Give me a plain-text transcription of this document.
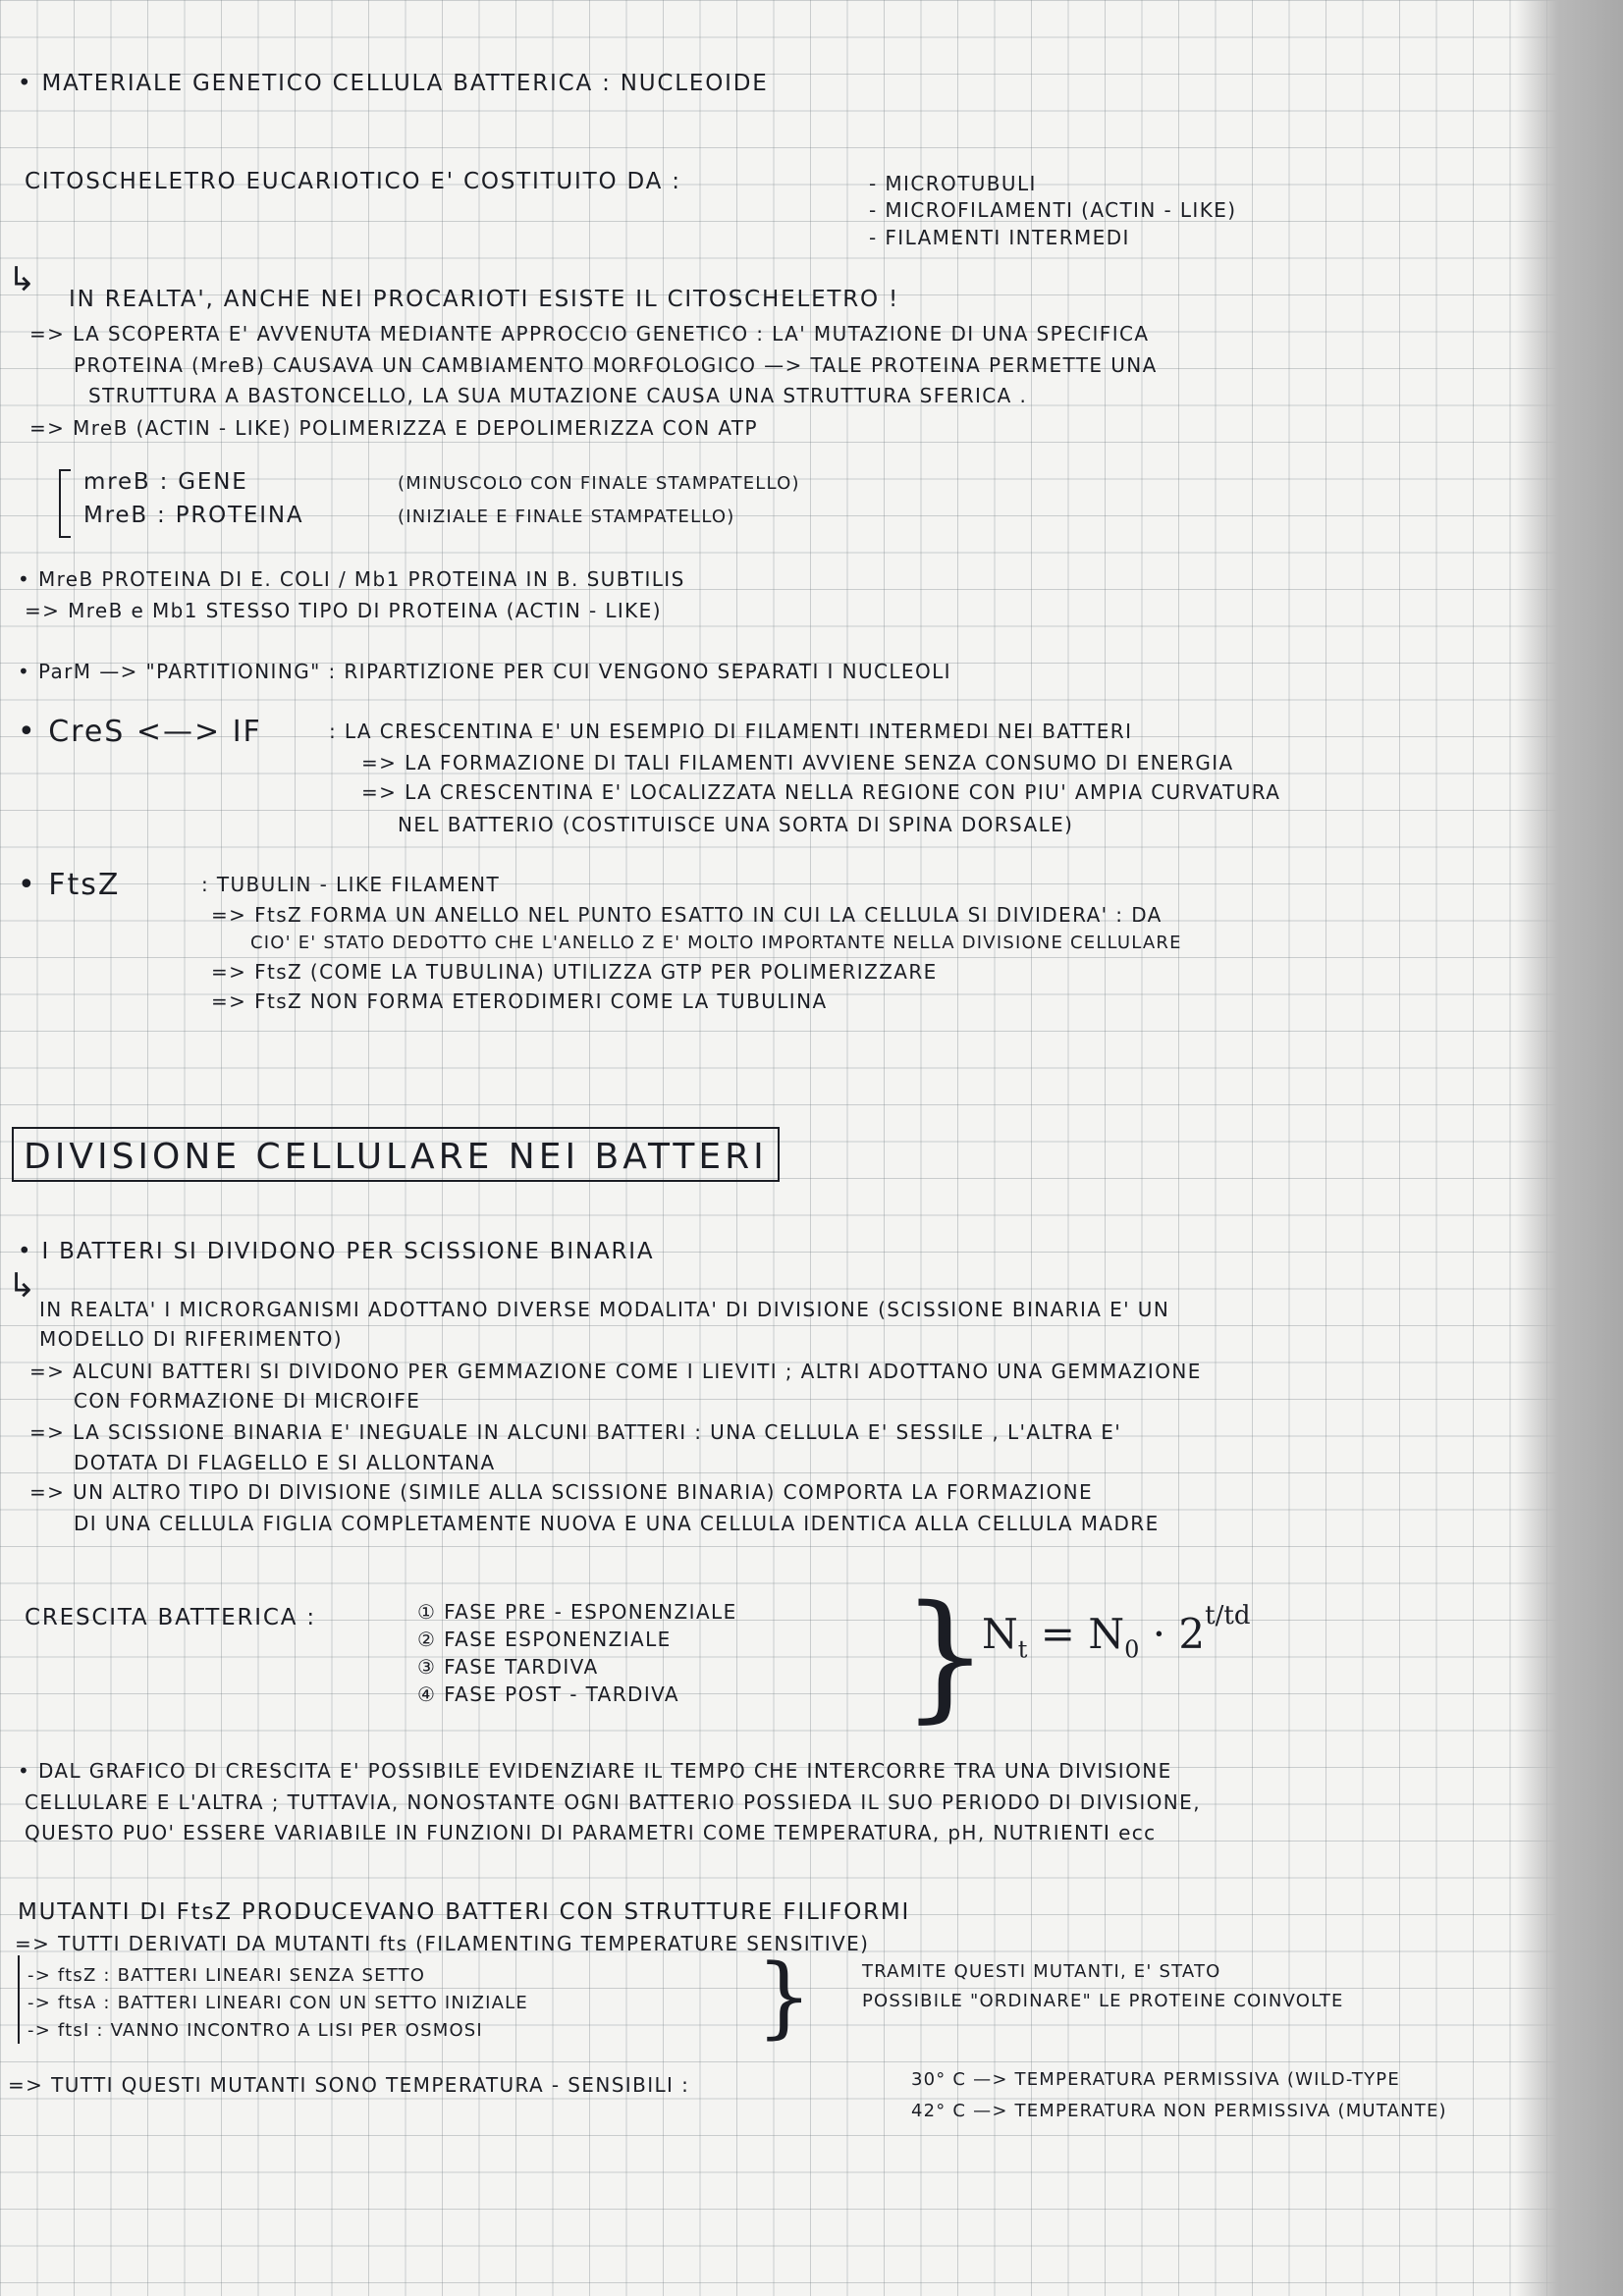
• MATERIALE GENETICO CELLULA BATTERICA : NUCLEOIDE
CITOSCHELETRO EUCARIOTICO E' COSTITUITO DA :	- MICROTUBULI
- MICROFILAMENTI (ACTIN - LIKE)
- FILAMENTI INTERMEDI
↳ IN REALTA', ANCHE NEI PROCARIOTI ESISTE IL CITOSCHELETRO !
=> LA SCOPERTA E' AVVENUTA MEDIANTE APPROCCIO GENETICO : LA' MUTAZIONE DI UNA SPECIFICA
PROTEINA (MreB) CAUSAVA UN CAMBIAMENTO MORFOLOGICO —> TALE PROTEINA PERMETTE UNA
STRUTTURA A BASTONCELLO, LA SUA MUTAZIONE CAUSA UNA STRUTTURA SFERICA .
=> MreB (ACTIN - LIKE) POLIMERIZZA E DEPOLIMERIZZA CON ATP
mreB : GENE	(MINUSCOLO CON FINALE STAMPATELLO)
MreB : PROTEINA	(INIZIALE E FINALE STAMPATELLO)
• MreB PROTEINA DI E. COLI / Mb1 PROTEINA IN B. SUBTILIS
=> MreB e Mb1 STESSO TIPO DI PROTEINA (ACTIN - LIKE)
• ParM —> "PARTITIONING" : RIPARTIZIONE PER CUI VENGONO SEPARATI I NUCLEOLI
• CreS <—> IF	: LA CRESCENTINA E' UN ESEMPIO DI FILAMENTI INTERMEDI NEI BATTERI
=> LA FORMAZIONE DI TALI FILAMENTI AVVIENE SENZA CONSUMO DI ENERGIA
=> LA CRESCENTINA E' LOCALIZZATA NELLA REGIONE CON PIU' AMPIA CURVATURA
NEL BATTERIO (COSTITUISCE UNA SORTA DI SPINA DORSALE)
• FtsZ	: TUBULIN - LIKE FILAMENT
=> FtsZ FORMA UN ANELLO NEL PUNTO ESATTO IN CUI LA CELLULA SI DIVIDERA' : DA
CIO' E' STATO DEDOTTO CHE L'ANELLO Z E' MOLTO IMPORTANTE NELLA DIVISIONE CELLULARE
=> FtsZ (COME LA TUBULINA) UTILIZZA GTP PER POLIMERIZZARE
=> FtsZ NON FORMA ETERODIMERI COME LA TUBULINA
DIVISIONE CELLULARE NEI BATTERI
• I BATTERI SI DIVIDONO PER SCISSIONE BINARIA
↳
IN REALTA' I MICRORGANISMI ADOTTANO DIVERSE MODALITA' DI DIVISIONE (SCISSIONE BINARIA E' UN
MODELLO DI RIFERIMENTO)
=> ALCUNI BATTERI SI DIVIDONO PER GEMMAZIONE COME I LIEVITI ; ALTRI ADOTTANO UNA GEMMAZIONE
CON FORMAZIONE DI MICROIFE
=> LA SCISSIONE BINARIA E' INEGUALE IN ALCUNI BATTERI : UNA CELLULA E' SESSILE , L'ALTRA E'
DOTATA DI FLAGELLO E SI ALLONTANA
=> UN ALTRO TIPO DI DIVISIONE (SIMILE ALLA SCISSIONE BINARIA) COMPORTA LA FORMAZIONE
DI UNA CELLULA FIGLIA COMPLETAMENTE NUOVA E UNA CELLULA IDENTICA ALLA CELLULA MADRE
CRESCITA BATTERICA :	① FASE PRE - ESPONENZIALE
② FASE ESPONENZIALE
③ FASE TARDIVA
④ FASE POST - TARDIVA }
$N_t = N_0 \cdot 2^{t/td}$
• DAL GRAFICO DI CRESCITA E' POSSIBILE EVIDENZIARE IL TEMPO CHE INTERCORRE TRA UNA DIVISIONE
CELLULARE E L'ALTRA ; TUTTAVIA, NONOSTANTE OGNI BATTERIO POSSIEDA IL SUO PERIODO DI DIVISIONE,
QUESTO PUO' ESSERE VARIABILE IN FUNZIONI DI PARAMETRI COME TEMPERATURA, pH, NUTRIENTI ecc
MUTANTI DI FtsZ PRODUCEVANO BATTERI CON STRUTTURE FILIFORMI
=> TUTTI DERIVATI DA MUTANTI fts (FILAMENTING TEMPERATURE SENSITIVE)
-> ftsZ : BATTERI LINEARI SENZA SETTO
-> ftsA : BATTERI LINEARI CON UN SETTO INIZIALE
-> ftsI : VANNO INCONTRO A LISI PER OSMOSI	}	TRAMITE QUESTI MUTANTI, E' STATO
POSSIBILE "ORDINARE" LE PROTEINE COINVOLTE
=> TUTTI QUESTI MUTANTI SONO TEMPERATURA - SENSIBILI :	30° C —> TEMPERATURA PERMISSIVA (WILD-TYPE
42° C —> TEMPERATURA NON PERMISSIVA (MUTANTE)
